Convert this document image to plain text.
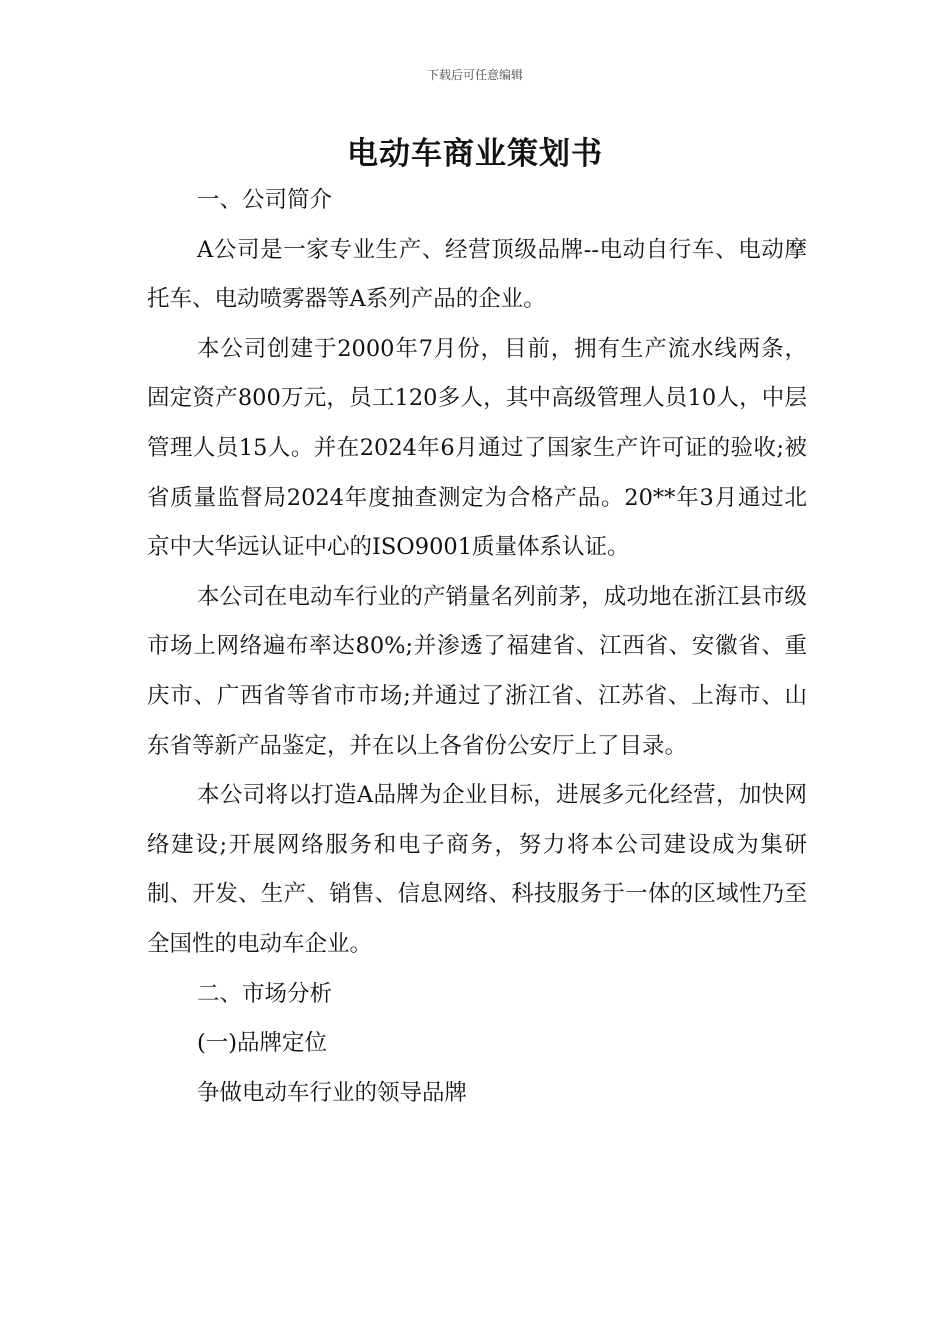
下载后可任意编辑
电动车商业策划书

一、公司简介

A公司是一家专业生产、经营顶级品牌--电动自行车、电动摩托车、电动喷雾器等A系列产品的企业。

本公司创建于2000年7月份，目前，拥有生产流水线两条，固定资产800万元，员工120多人，其中高级管理人员10人，中层管理人员15人。并在2024年6月通过了国家生产许可证的验收;被省质量监督局2024年度抽查测定为合格产品。20**年3月通过北京中大华远认证中心的ISO9001质量体系认证。

本公司在电动车行业的产销量名列前茅，成功地在浙江县市级市场上网络遍布率达80%;并渗透了福建省、江西省、安徽省、重庆市、广西省等省市市场;并通过了浙江省、江苏省、上海市、山东省等新产品鉴定，并在以上各省份公安厅上了目录。

本公司将以打造A品牌为企业目标，进展多元化经营，加快网络建设;开展网络服务和电子商务，努力将本公司建设成为集研制、开发、生产、销售、信息网络、科技服务于一体的区域性乃至全国性的电动车企业。

二、市场分析

(一)品牌定位

争做电动车行业的领导品牌
